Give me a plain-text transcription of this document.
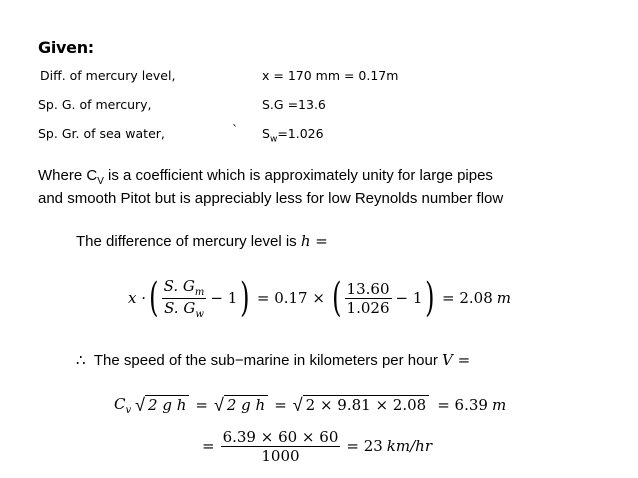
Given:
Diff. of mercury level,	x = 170 mm = 0.17m
Sp. G. of mercury,	S.G =13.6
Sp. Gr. of sea water,	` $S_w=1.026$
Where $C_V$ is a coefficient which is approximately unity for large pipes
and smooth Pitot but is appreciably less for low Reynolds number flow
The difference of mercury level is h =
x · ( $\frac{S. G_m}{S. G_w} - 1$ ) = 0.17 × ( $\frac{13.60}{1.026} - 1$ ) = 2.08 m
∴ The speed of the sub−marine in kilometers per hour V =
$C_v$ √ 2 g h = √ 2 g h = √ 2 × 9.81 × 2.08 = 6.39 m
= $\frac{6.39 \times 60 \times 60}{1000} = 23$ km/hr
